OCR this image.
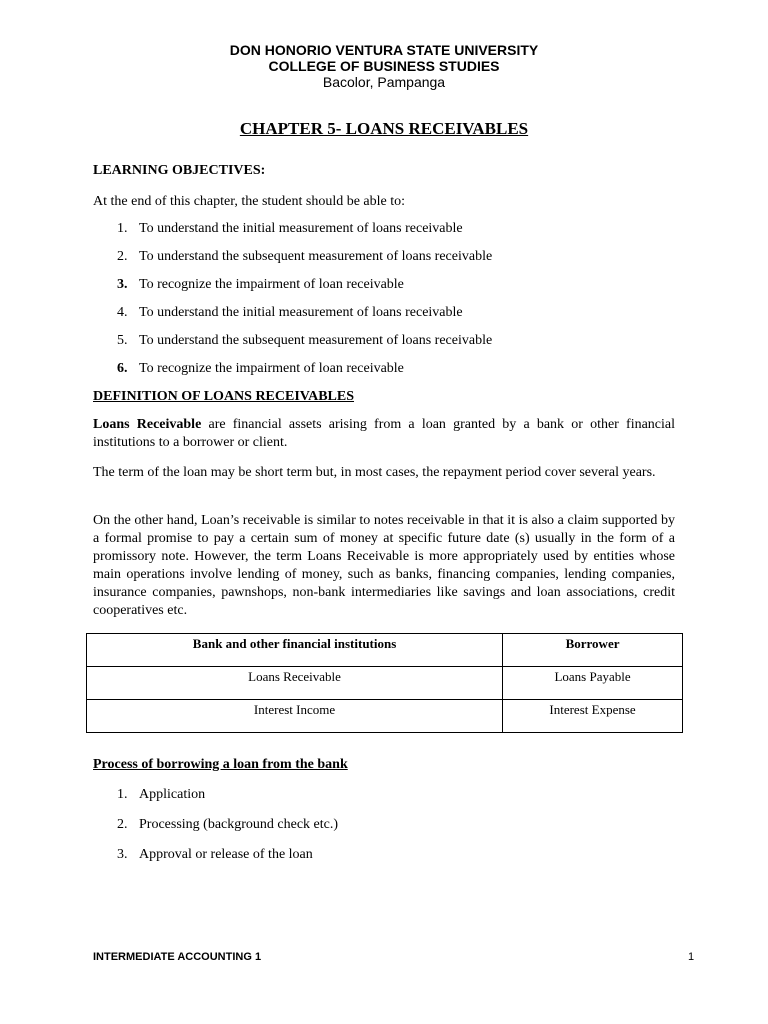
DON HONORIO VENTURA STATE UNIVERSITY
COLLEGE OF BUSINESS STUDIES
Bacolor, Pampanga
CHAPTER 5- LOANS RECEIVABLES
LEARNING OBJECTIVES:
At the end of this chapter, the student should be able to:
1. To understand the initial measurement of loans receivable
2. To understand the subsequent measurement of loans receivable
3. To recognize the impairment of loan receivable
4. To understand the initial measurement of loans receivable
5. To understand the subsequent measurement of loans receivable
6. To recognize the impairment of loan receivable
DEFINITION OF LOANS RECEIVABLES
Loans Receivable are financial assets arising from a loan granted by a bank or other financial institutions to a borrower or client.
The term of the loan may be short term but, in most cases, the repayment period cover several years.
On the other hand, Loan’s receivable is similar to notes receivable in that it is also a claim supported by a formal promise to pay a certain sum of money at specific future date (s) usually in the form of a promissory note. However, the term Loans Receivable is more appropriately used by entities whose main operations involve lending of money, such as banks, financing companies, lending companies, insurance companies, pawnshops, non-bank intermediaries like savings and loan associations, credit cooperatives etc.
Bank and other financial institutions	Borrower
Loans Receivable	Loans Payable
Interest Income	Interest Expense
Process of borrowing a loan from the bank
1. Application
2. Processing (background check etc.)
3. Approval or release of the loan
INTERMEDIATE ACCOUNTING 1	1
